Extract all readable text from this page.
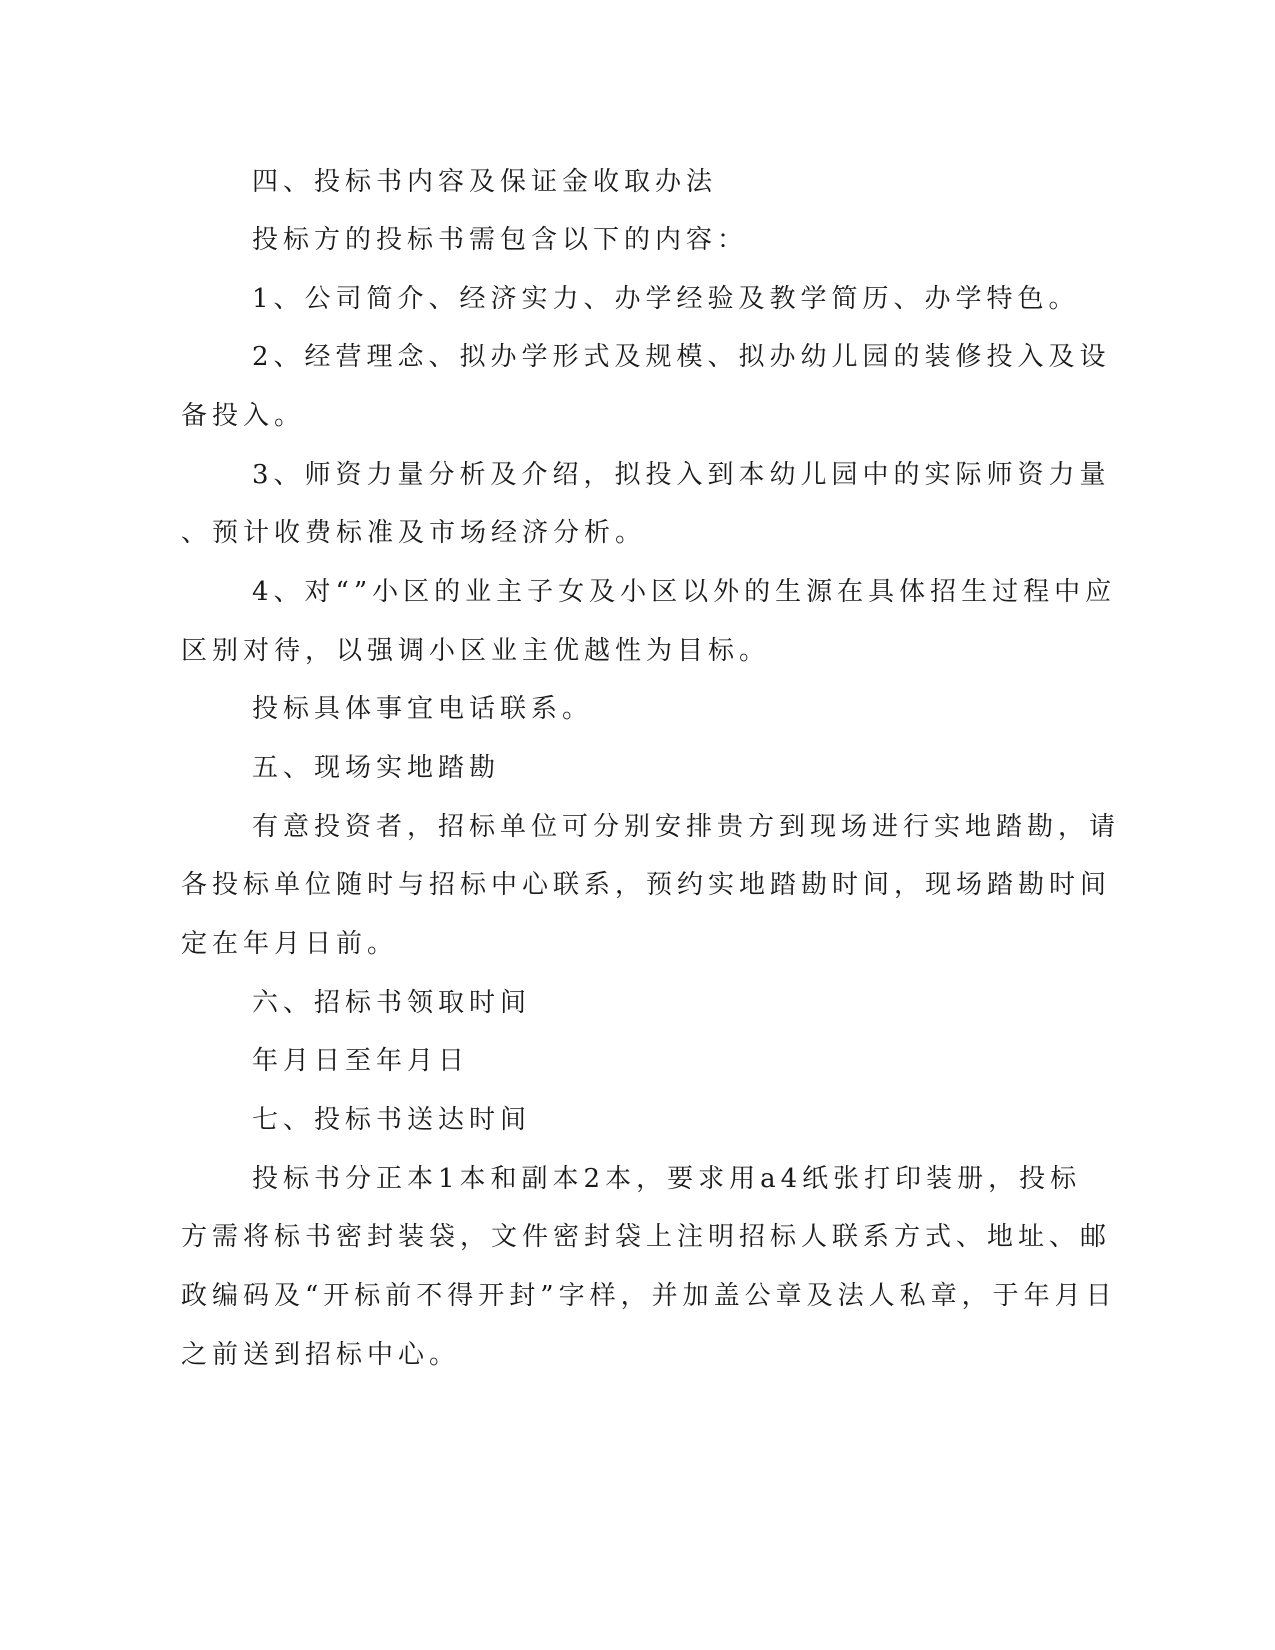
四、投标书内容及保证金收取办法
投标方的投标书需包含以下的内容：
1、公司简介、经济实力、办学经验及教学简历、办学特色。
2、经营理念、拟办学形式及规模、拟办幼儿园的装修投入及设
备投入。
3、师资力量分析及介绍，拟投入到本幼儿园中的实际师资力量
、预计收费标准及市场经济分析。
4、对“”小区的业主子女及小区以外的生源在具体招生过程中应
区别对待，以强调小区业主优越性为目标。
投标具体事宜电话联系。
五、现场实地踏勘
有意投资者，招标单位可分别安排贵方到现场进行实地踏勘，请
各投标单位随时与招标中心联系，预约实地踏勘时间，现场踏勘时间
定在年月日前。
六、招标书领取时间
年月日至年月日
七、投标书送达时间
投标书分正本1本和副本2本，要求用a4纸张打印装册，投标
方需将标书密封装袋，文件密封袋上注明招标人联系方式、地址、邮
政编码及“开标前不得开封”字样，并加盖公章及法人私章，于年月日
之前送到招标中心。
